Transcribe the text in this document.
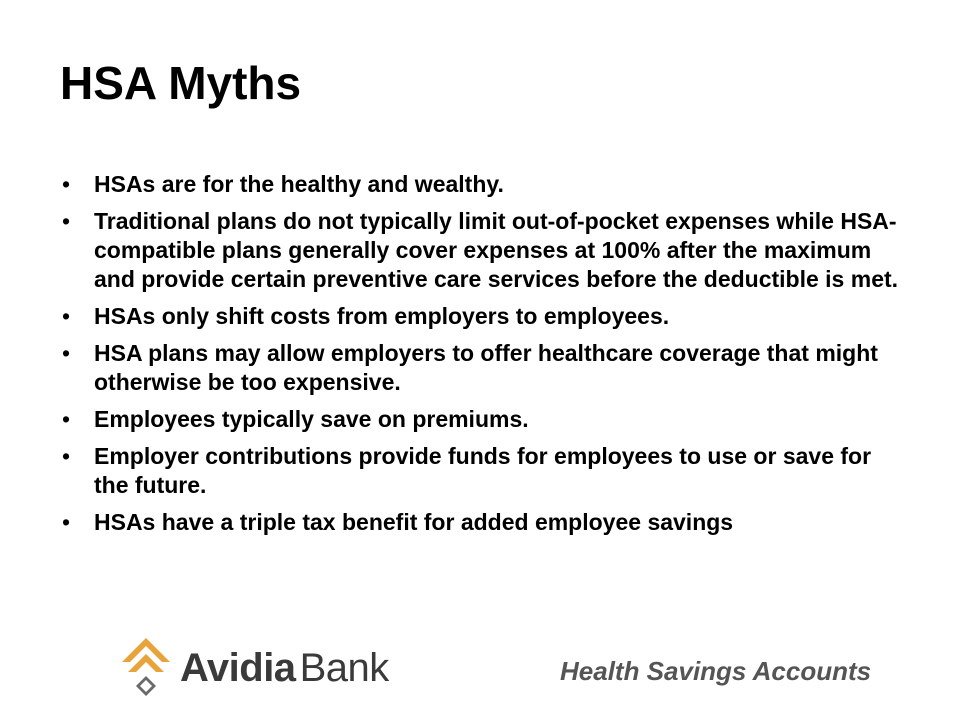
HSA Myths
• HSAs are for the healthy and wealthy.
• Traditional plans do not typically limit out-of-pocket expenses while HSA-compatible plans generally cover expenses at 100% after the maximum and provide certain preventive care services before the deductible is met.
• HSAs only shift costs from employers to employees.
• HSA plans may allow employers to offer healthcare coverage that might otherwise be too expensive.
• Employees typically save on premiums.
• Employer contributions provide funds for employees to use or save for the future.
• HSAs have a triple tax benefit for added employee savings
Avidia Bank	Health Savings Accounts
